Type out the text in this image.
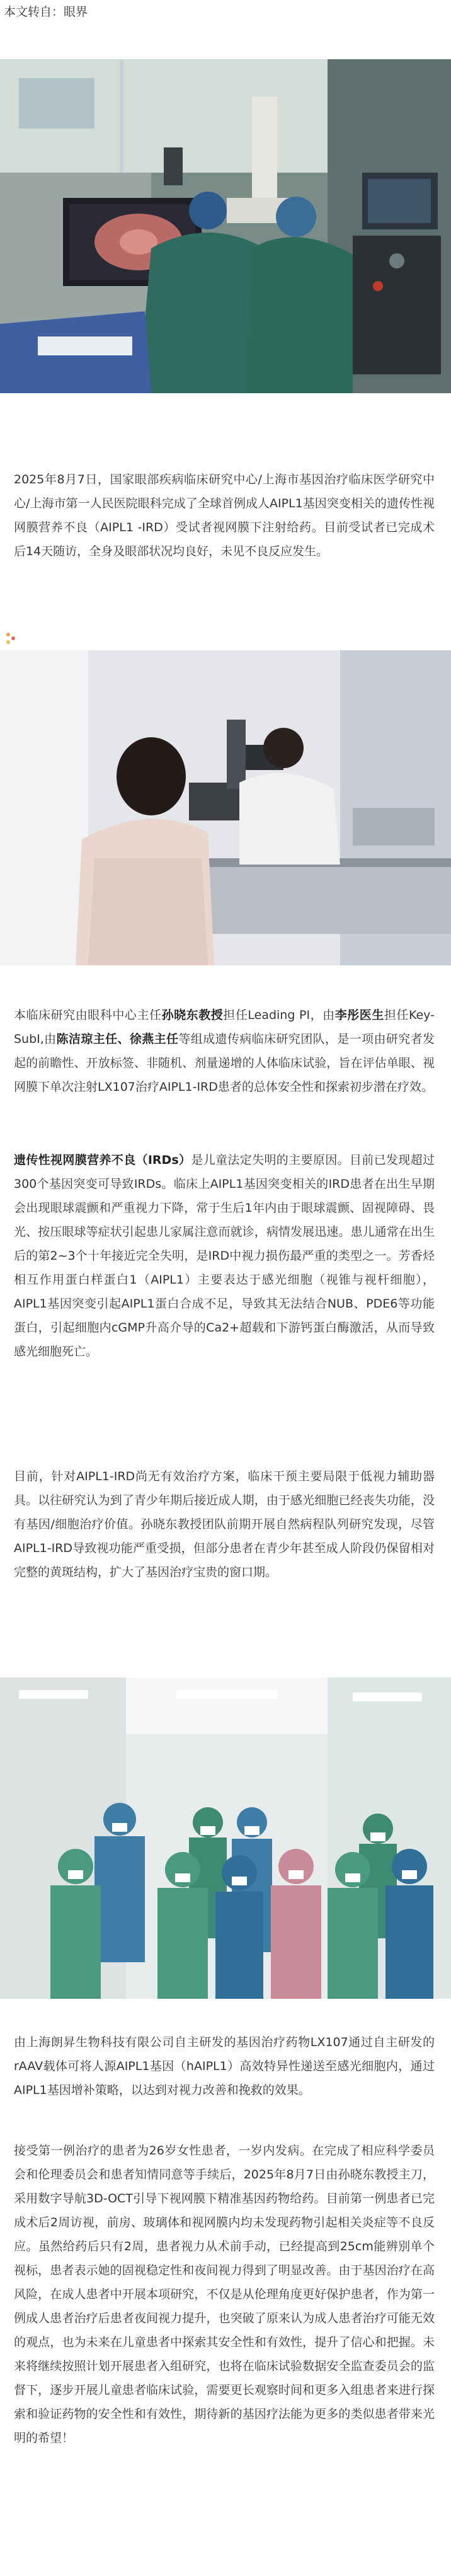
本文转自：眼界

2025年8月7日，国家眼部疾病临床研究中心/上海市基因治疗临床医学研究中心/上海市第一人民医院眼科完成了全球首例成人AIPL1基因突变相关的遗传性视网膜营养不良（AIPL1 -IRD）受试者视网膜下注射给药。目前受试者已完成术后14天随访，全身及眼部状况均良好，未见不良反应发生。

本临床研究由眼科中心主任孙晓东教授担任Leading PI，由李彤医生担任Key-SubI,由陈洁琼主任、徐燕主任等组成遗传病临床研究团队，是一项由研究者发起的前瞻性、开放标签、非随机、剂量递增的人体临床试验，旨在评估单眼、视网膜下单次注射LX107治疗AIPL1-IRD患者的总体安全性和探索初步潜在疗效。

遗传性视网膜营养不良（IRDs）是儿童法定失明的主要原因。目前已发现超过300个基因突变可导致IRDs。临床上AIPL1基因突变相关的IRD患者在出生早期会出现眼球震颤和严重视力下降，常于生后1年内由于眼球震颤、固视障碍、畏光、按压眼球等症状引起患儿家属注意而就诊，病情发展迅速。患儿通常在出生后的第2~3个十年接近完全失明，是IRD中视力损伤最严重的类型之一。芳香烃相互作用蛋白样蛋白1（AIPL1）主要表达于感光细胞（视锥与视杆细胞），AIPL1基因突变引起AIPL1蛋白合成不足，导致其无法结合NUB、PDE6等功能蛋白，引起细胞内cGMP升高介导的Ca2+超载和下游钙蛋白酶激活，从而导致感光细胞死亡。

目前，针对AIPL1-IRD尚无有效治疗方案，临床干预主要局限于低视力辅助器具。以往研究认为到了青少年期后接近成人期，由于感光细胞已经丧失功能，没有基因/细胞治疗价值。孙晓东教授团队前期开展自然病程队列研究发现，尽管AIPL1-IRD导致视功能严重受损，但部分患者在青少年甚至成人阶段仍保留相对完整的黄斑结构，扩大了基因治疗宝贵的窗口期。

由上海朗昇生物科技有限公司自主研发的基因治疗药物LX107通过自主研发的rAAV载体可将人源AIPL1基因（hAIPL1）高效特异性递送至感光细胞内，通过AIPL1基因增补策略，以达到对视力改善和挽救的效果。

接受第一例治疗的患者为26岁女性患者，一岁内发病。在完成了相应科学委员会和伦理委员会和患者知情同意等手续后，2025年8月7日由孙晓东教授主刀，采用数字导航3D-OCT引导下视网膜下精准基因药物给药。目前第一例患者已完成术后2周访视，前房、玻璃体和视网膜内均未发现药物引起相关炎症等不良反应。虽然给药后只有2周，患者视力从术前手动，已经提高到25cm能辨别单个视标，患者表示她的固视稳定性和夜间视力得到了明显改善。由于基因治疗在高风险，在成人患者中开展本项研究，不仅是从伦理角度更好保护患者，作为第一例成人患者治疗后患者夜间视力提升，也突破了原来认为成人患者治疗可能无效的观点，也为未来在儿童患者中探索其安全性和有效性，提升了信心和把握。未来将继续按照计划开展患者入组研究，也将在临床试验数据安全监查委员会的监督下，逐步开展儿童患者临床试验，需要更长观察时间和更多入组患者来进行探索和验证药物的安全性和有效性，期待新的基因疗法能为更多的类似患者带来光明的希望！
